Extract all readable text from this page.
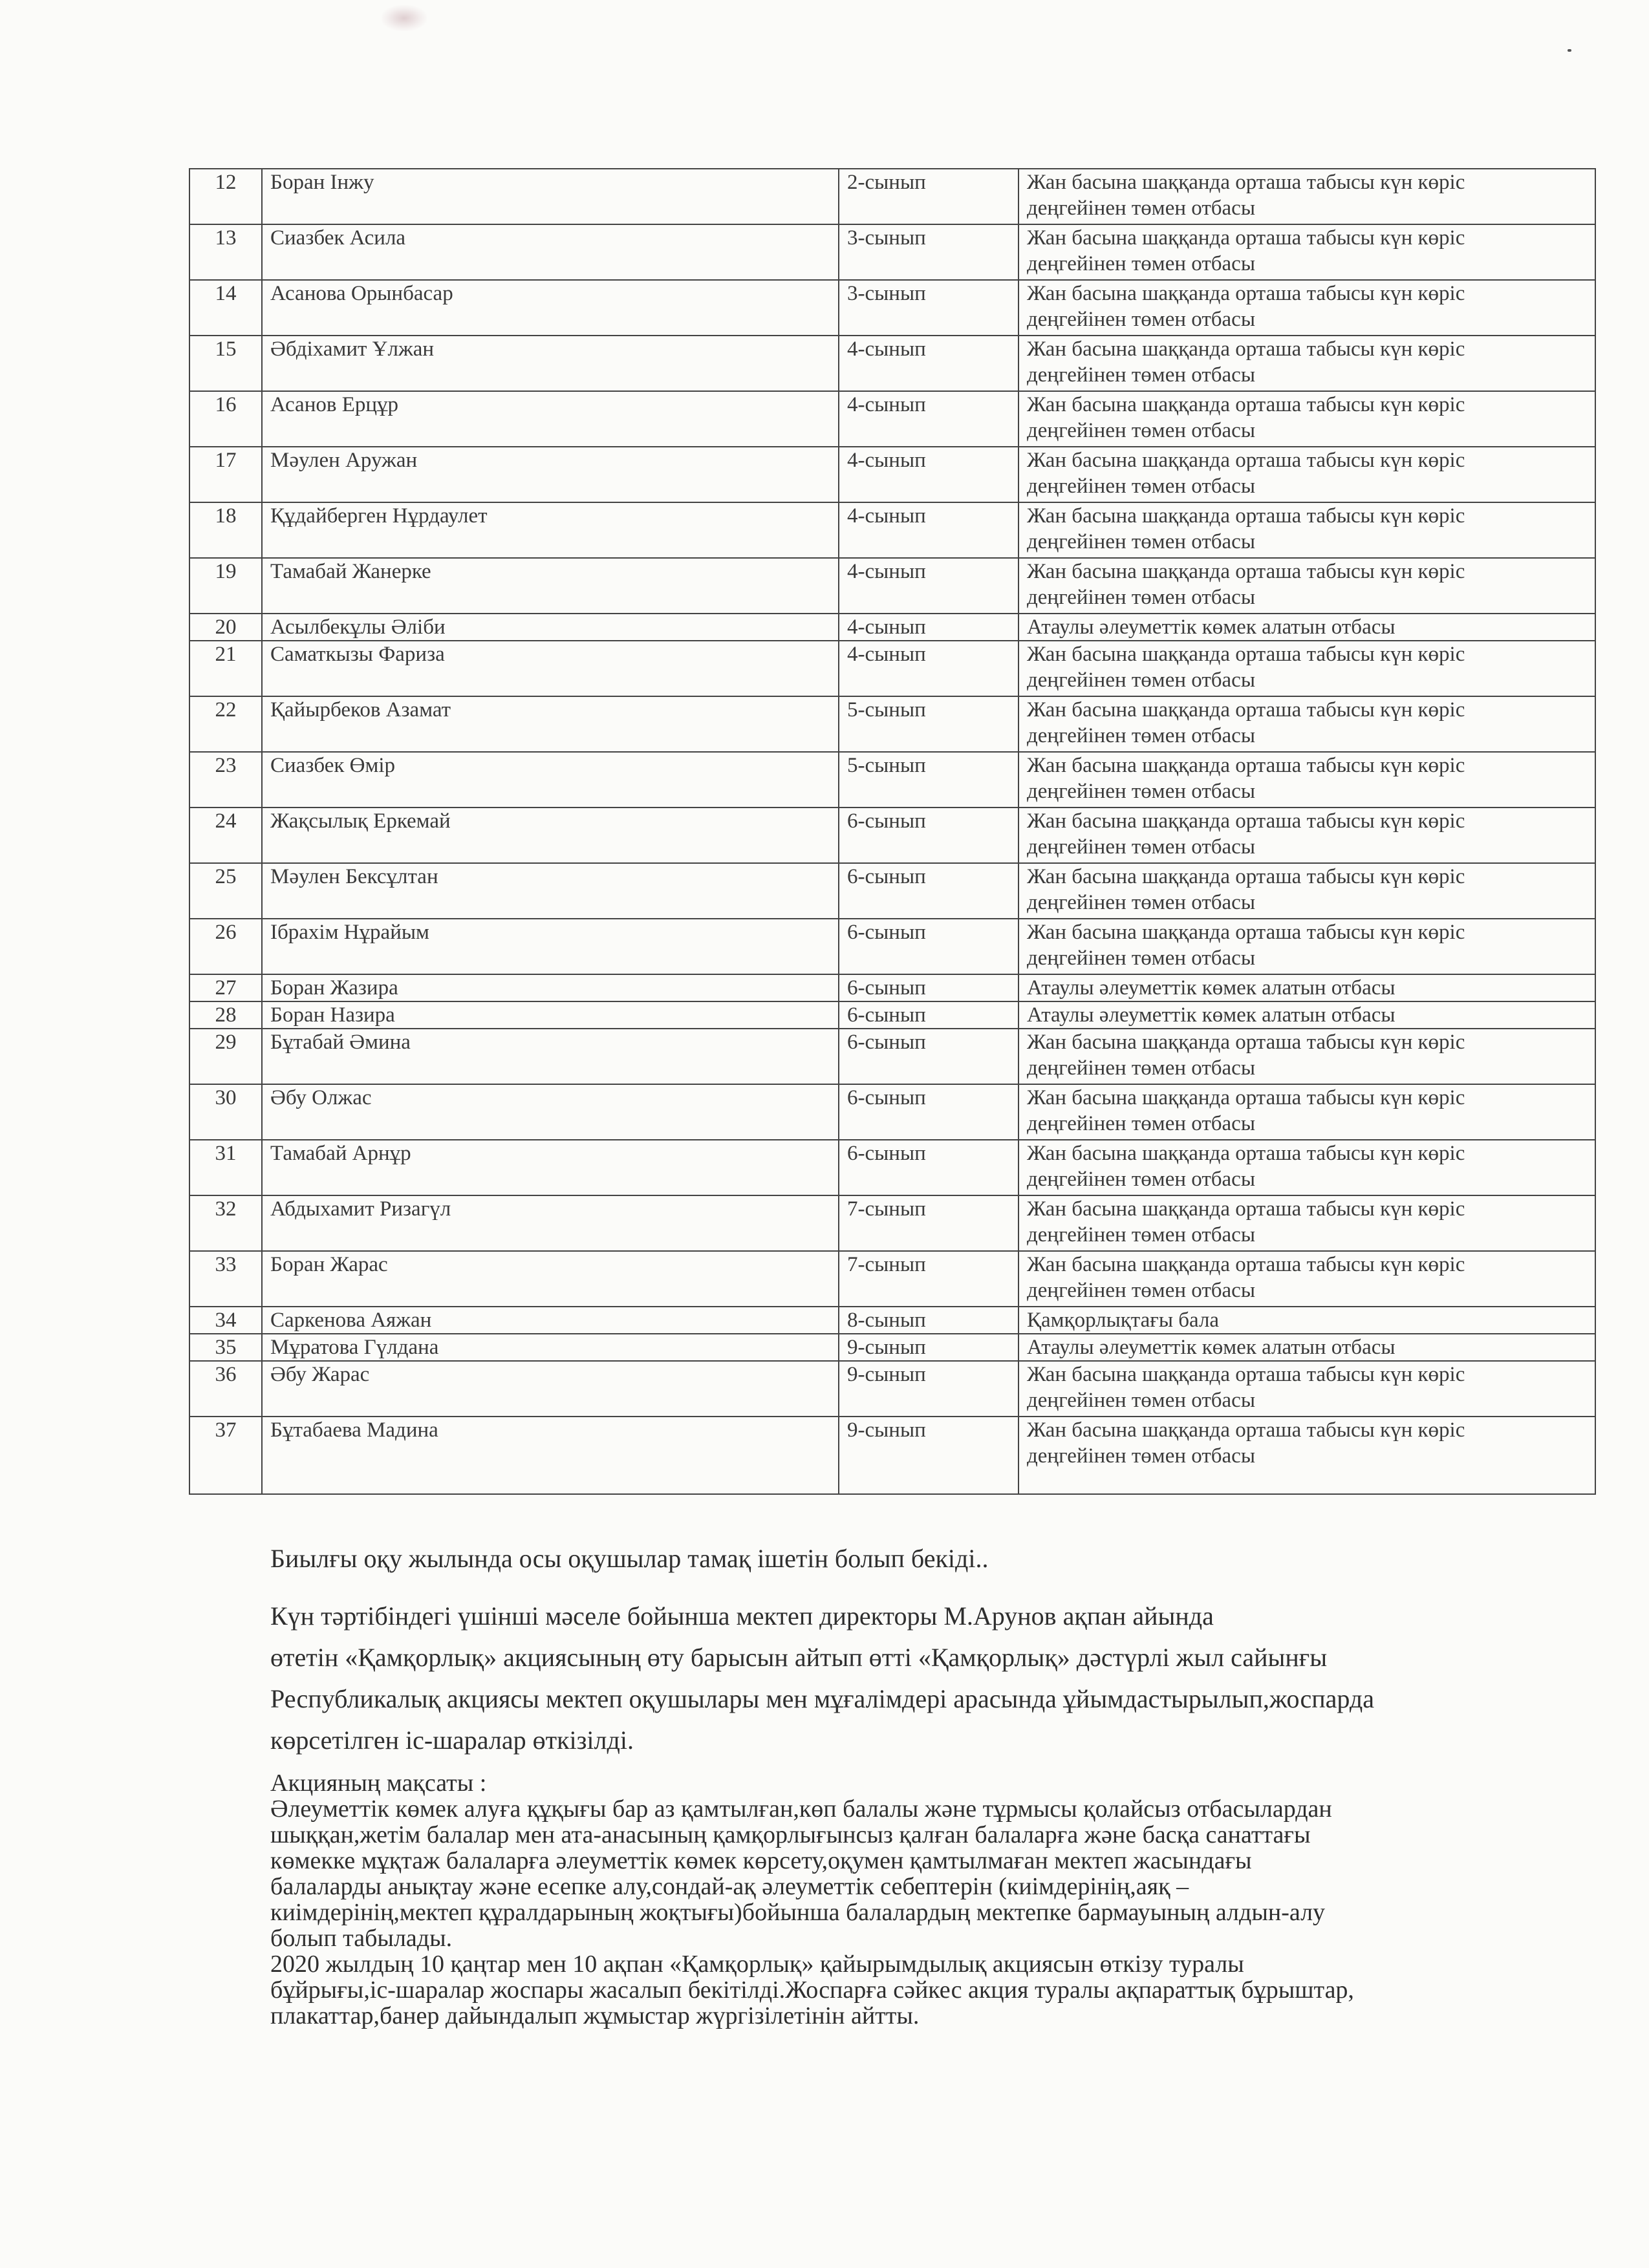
12	Боран Інжу	2-сынып	Жан басына шаққанда орташа табысы күн көріс
деңгейінен төмен отбасы

13	Сиазбек Асила	3-сынып	Жан басына шаққанда орташа табысы күн көріс
деңгейінен төмен отбасы

14	Асанова Орынбасар	3-сынып	Жан басына шаққанда орташа табысы күн көріс
деңгейінен төмен отбасы

15	Әбдіхамит Ұлжан	4-сынып	Жан басына шаққанда орташа табысы күн көріс
деңгейінен төмен отбасы

16	Асанов Ерцұр	4-сынып	Жан басына шаққанда орташа табысы күн көріс
деңгейінен төмен отбасы

17	Мәулен Аружан	4-сынып	Жан басына шаққанда орташа табысы күн көріс
деңгейінен төмен отбасы

18	Құдайберген Нұрдаулет	4-сынып	Жан басына шаққанда орташа табысы күн көріс
деңгейінен төмен отбасы

19	Тамабай Жанерке	4-сынып	Жан басына шаққанда орташа табысы күн көріс
деңгейінен төмен отбасы

20	Асылбекұлы Әліби	4-сынып	Атаулы әлеуметтік көмек алатын отбасы

21	Саматкызы Фариза	4-сынып	Жан басына шаққанда орташа табысы күн көріс
деңгейінен төмен отбасы

22	Қайырбеков Азамат	5-сынып	Жан басына шаққанда орташа табысы күн көріс
деңгейінен төмен отбасы

23	Сиазбек Өмір	5-сынып	Жан басына шаққанда орташа табысы күн көріс
деңгейінен төмен отбасы

24	Жақсылық Еркемай	6-сынып	Жан басына шаққанда орташа табысы күн көріс
деңгейінен төмен отбасы

25	Мәулен Бексұлтан	6-сынып	Жан басына шаққанда орташа табысы күн көріс
деңгейінен төмен отбасы

26	Ібрахім Нұрайым	6-сынып	Жан басына шаққанда орташа табысы күн көріс
деңгейінен төмен отбасы

27	Боран Жазира	6-сынып	Атаулы әлеуметтік көмек алатын отбасы

28	Боран Назира	6-сынып	Атаулы әлеуметтік көмек алатын отбасы

29	Бұтабай Әмина	6-сынып	Жан басына шаққанда орташа табысы күн көріс
деңгейінен төмен отбасы

30	Әбу Олжас	6-сынып	Жан басына шаққанда орташа табысы күн көріс
деңгейінен төмен отбасы

31	Тамабай Арнұр	6-сынып	Жан басына шаққанда орташа табысы күн көріс
деңгейінен төмен отбасы

32	Абдыхамит Ризагүл	7-сынып	Жан басына шаққанда орташа табысы күн көріс
деңгейінен төмен отбасы

33	Боран Жарас	7-сынып	Жан басына шаққанда орташа табысы күн көріс
деңгейінен төмен отбасы

34	Саркенова Аяжан	8-сынып	Қамқорлықтағы бала

35	Мұратова Гүлдана	9-сынып	Атаулы әлеуметтік көмек алатын отбасы

36	Әбу Жарас	9-сынып	Жан басына шаққанда орташа табысы күн көріс
деңгейінен төмен отбасы

37	Бұтабаева Мадина	9-сынып	Жан басына шаққанда орташа табысы күн көріс
деңгейінен төмен отбасы
Биылғы оқу жылында осы оқушылар тамақ ішетін болып бекіді..
Күн тәртібіндегі үшінші мәселе бойынша мектеп директоры М.Арунов ақпан айында
өтетін «Қамқорлық» акциясының өту барысын айтып өтті «Қамқорлық» дәстүрлі жыл сайынғы
Республикалық акциясы мектеп оқушылары мен мұғалімдері арасында ұйымдастырылып,жоспарда
көрсетілген іс-шаралар өткізілді.
Акцияның мақсаты :
Әлеуметтік көмек алуға құқығы бар аз қамтылған,көп балалы және тұрмысы қолайсыз отбасылардан
шыққан,жетім балалар мен ата-анасының қамқорлығынсыз қалған балаларға және басқа санаттағы
көмекке мұқтаж балаларға әлеуметтік көмек көрсету,оқумен қамтылмаған мектеп жасындағы
балаларды анықтау және есепке алу,сондай-ақ әлеуметтік себептерін (киімдерінің,аяқ –
киімдерінің,мектеп құралдарының жоқтығы)бойынша балалардың мектепке бармауының алдын-алу
болып табылады.
2020 жылдың 10 қаңтар мен 10 ақпан «Қамқорлық» қайырымдылық акциясын өткізу туралы
бұйрығы,іс-шаралар жоспары жасалып бекітілді.Жоспарға сәйкес акция туралы ақпараттық бұрыштар,
плакаттар,банер дайындалып жұмыстар жүргізілетінін айтты.
